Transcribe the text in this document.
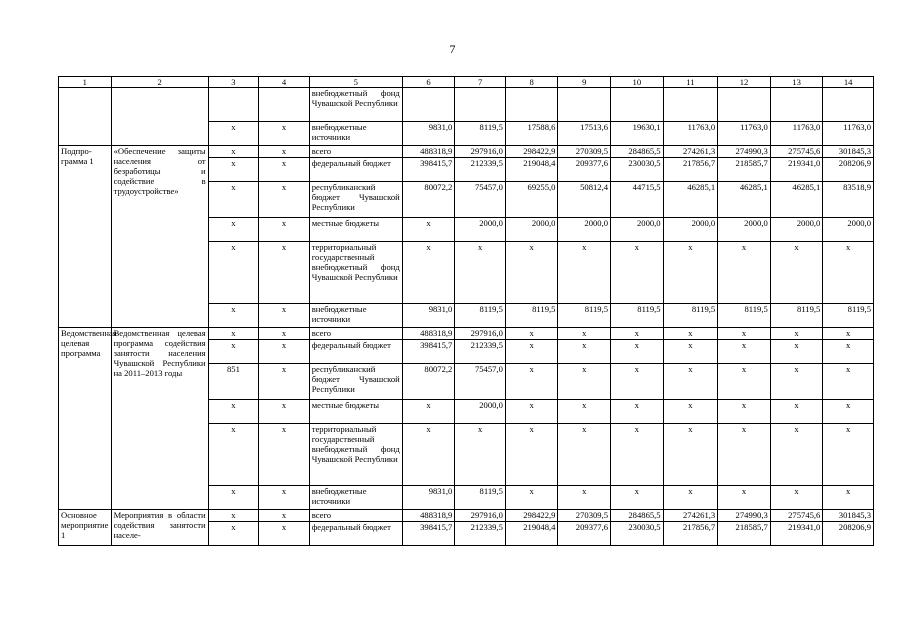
7
1	2	3	4	5	6	7	8	9	10	11	12	13	14
				внебюджетный фонд Чувашской Республики									
		х	х	внебюджетные источники	9831,0	8119,5	17588,6	17513,6	19630,1	11763,0	11763,0	11763,0	11763,0
Подпро-грамма 1	«Обеспечение защиты населения от безработицы и содействие в трудоустройстве»	х	х	всего	488318,9	297916,0	298422,9	270309,5	284865,5	274261,3	274990,3	275745,6	301845,3
		х	х	федеральный бюджет	398415,7	212339,5	219048,4	209377,6	230030,5	217856,7	218585,7	219341,0	208206,9
		х	х	республиканский бюджет Чувашской Республики	80072,2	75457,0	69255,0	50812,4	44715,5	46285,1	46285,1	46285,1	83518,9
		х	х	местные бюджеты	х	2000,0	2000,0	2000,0	2000,0	2000,0	2000,0	2000,0	2000,0
		х	х	территориальный государственный внебюджетный фонд Чувашской Республики	х	х	х	х	х	х	х	х	х
		х	х	внебюджетные источники	9831,0	8119,5	8119,5	8119,5	8119,5	8119,5	8119,5	8119,5	8119,5
Ведомственная целевая программа	Ведомственная целевая программа содействия занятости населения Чувашской Республики на 2011–2013 годы	х	х	всего	488318,9	297916,0	х	х	х	х	х	х	х
		х	х	федеральный бюджет	398415,7	212339,5	х	х	х	х	х	х	х
		851	х	республиканский бюджет Чувашской Республики	80072,2	75457,0	х	х	х	х	х	х	х
		х	х	местные бюджеты	х	2000,0	х	х	х	х	х	х	х
		х	х	территориальный государственный внебюджетный фонд Чувашской Республики	х	х	х	х	х	х	х	х	х
		х	х	внебюджетные источники	9831,0	8119,5	х	х	х	х	х	х	х
Основное мероприятие 1	Мероприятия в области содействия занятости населе-	х	х	всего	488318,9	297916,0	298422,9	270309,5	284865,5	274261,3	274990,3	275745,6	301845,3
		х	х	федеральный бюджет	398415,7	212339,5	219048,4	209377,6	230030,5	217856,7	218585,7	219341,0	208206,9
